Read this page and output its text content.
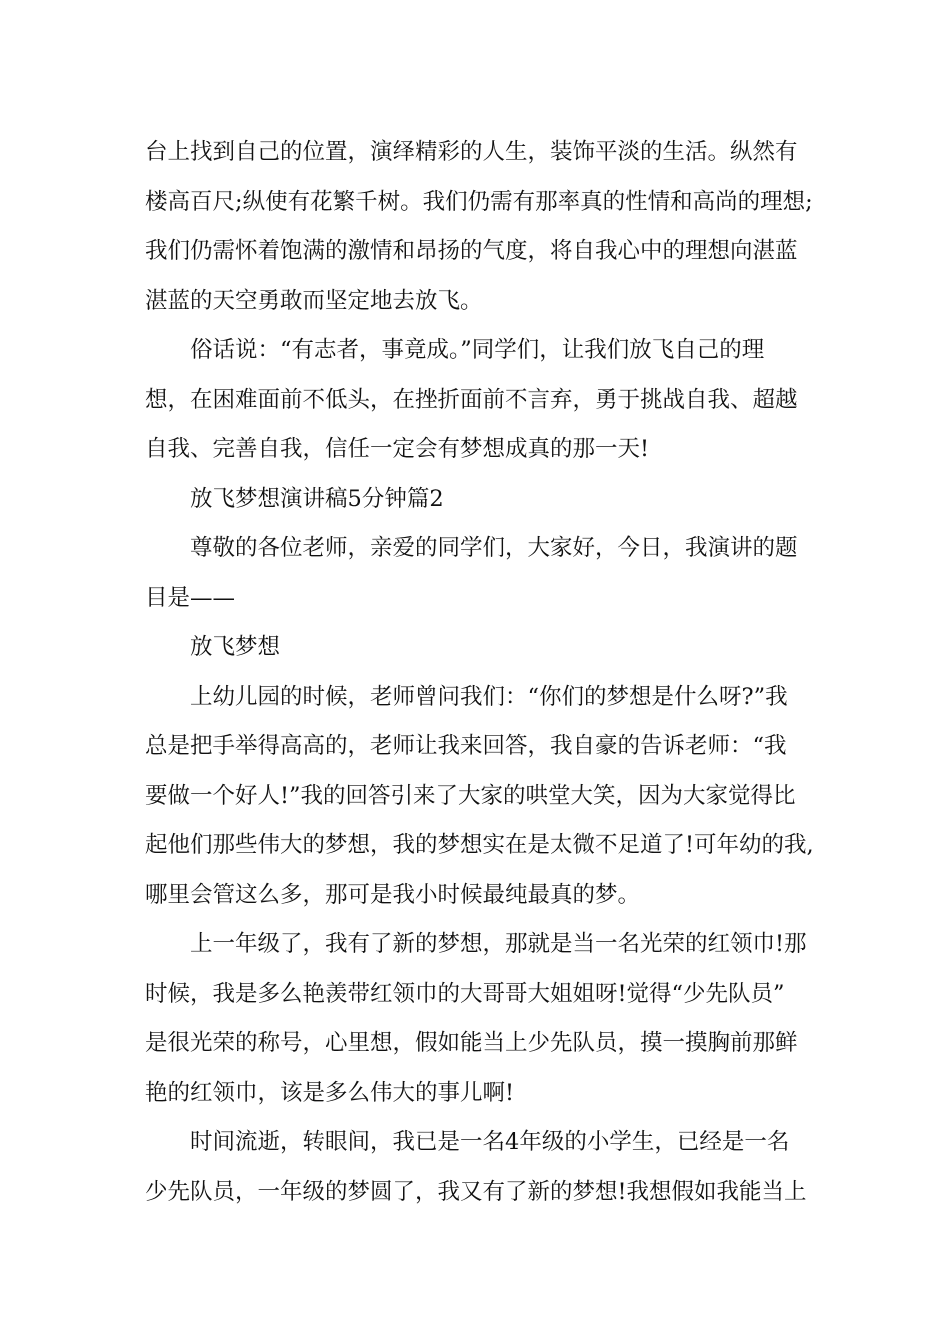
台上找到自己的位置，演绎精彩的人生，装饰平淡的生活。纵然有
楼高百尺;纵使有花繁千树。我们仍需有那率真的性情和高尚的理想;
我们仍需怀着饱满的激情和昂扬的气度，将自我心中的理想向湛蓝
湛蓝的天空勇敢而坚定地去放飞。
俗话说：“有志者，事竟成。”同学们，让我们放飞自己的理
想，在困难面前不低头，在挫折面前不言弃，勇于挑战自我、超越
自我、完善自我，信任一定会有梦想成真的那一天!
放飞梦想演讲稿5分钟篇2
尊敬的各位老师，亲爱的同学们，大家好，今日，我演讲的题
目是——
放飞梦想
上幼儿园的时候，老师曾问我们：“你们的梦想是什么呀?”我
总是把手举得高高的，老师让我来回答，我自豪的告诉老师：“我
要做一个好人!”我的回答引来了大家的哄堂大笑，因为大家觉得比
起他们那些伟大的梦想，我的梦想实在是太微不足道了!可年幼的我,
哪里会管这么多，那可是我小时候最纯最真的梦。
上一年级了，我有了新的梦想，那就是当一名光荣的红领巾!那
时候，我是多么艳羡带红领巾的大哥哥大姐姐呀!觉得“少先队员”
是很光荣的称号，心里想，假如能当上少先队员，摸一摸胸前那鲜
艳的红领巾，该是多么伟大的事儿啊!
时间流逝，转眼间，我已是一名4年级的小学生，已经是一名
少先队员，一年级的梦圆了，我又有了新的梦想!我想假如我能当上
